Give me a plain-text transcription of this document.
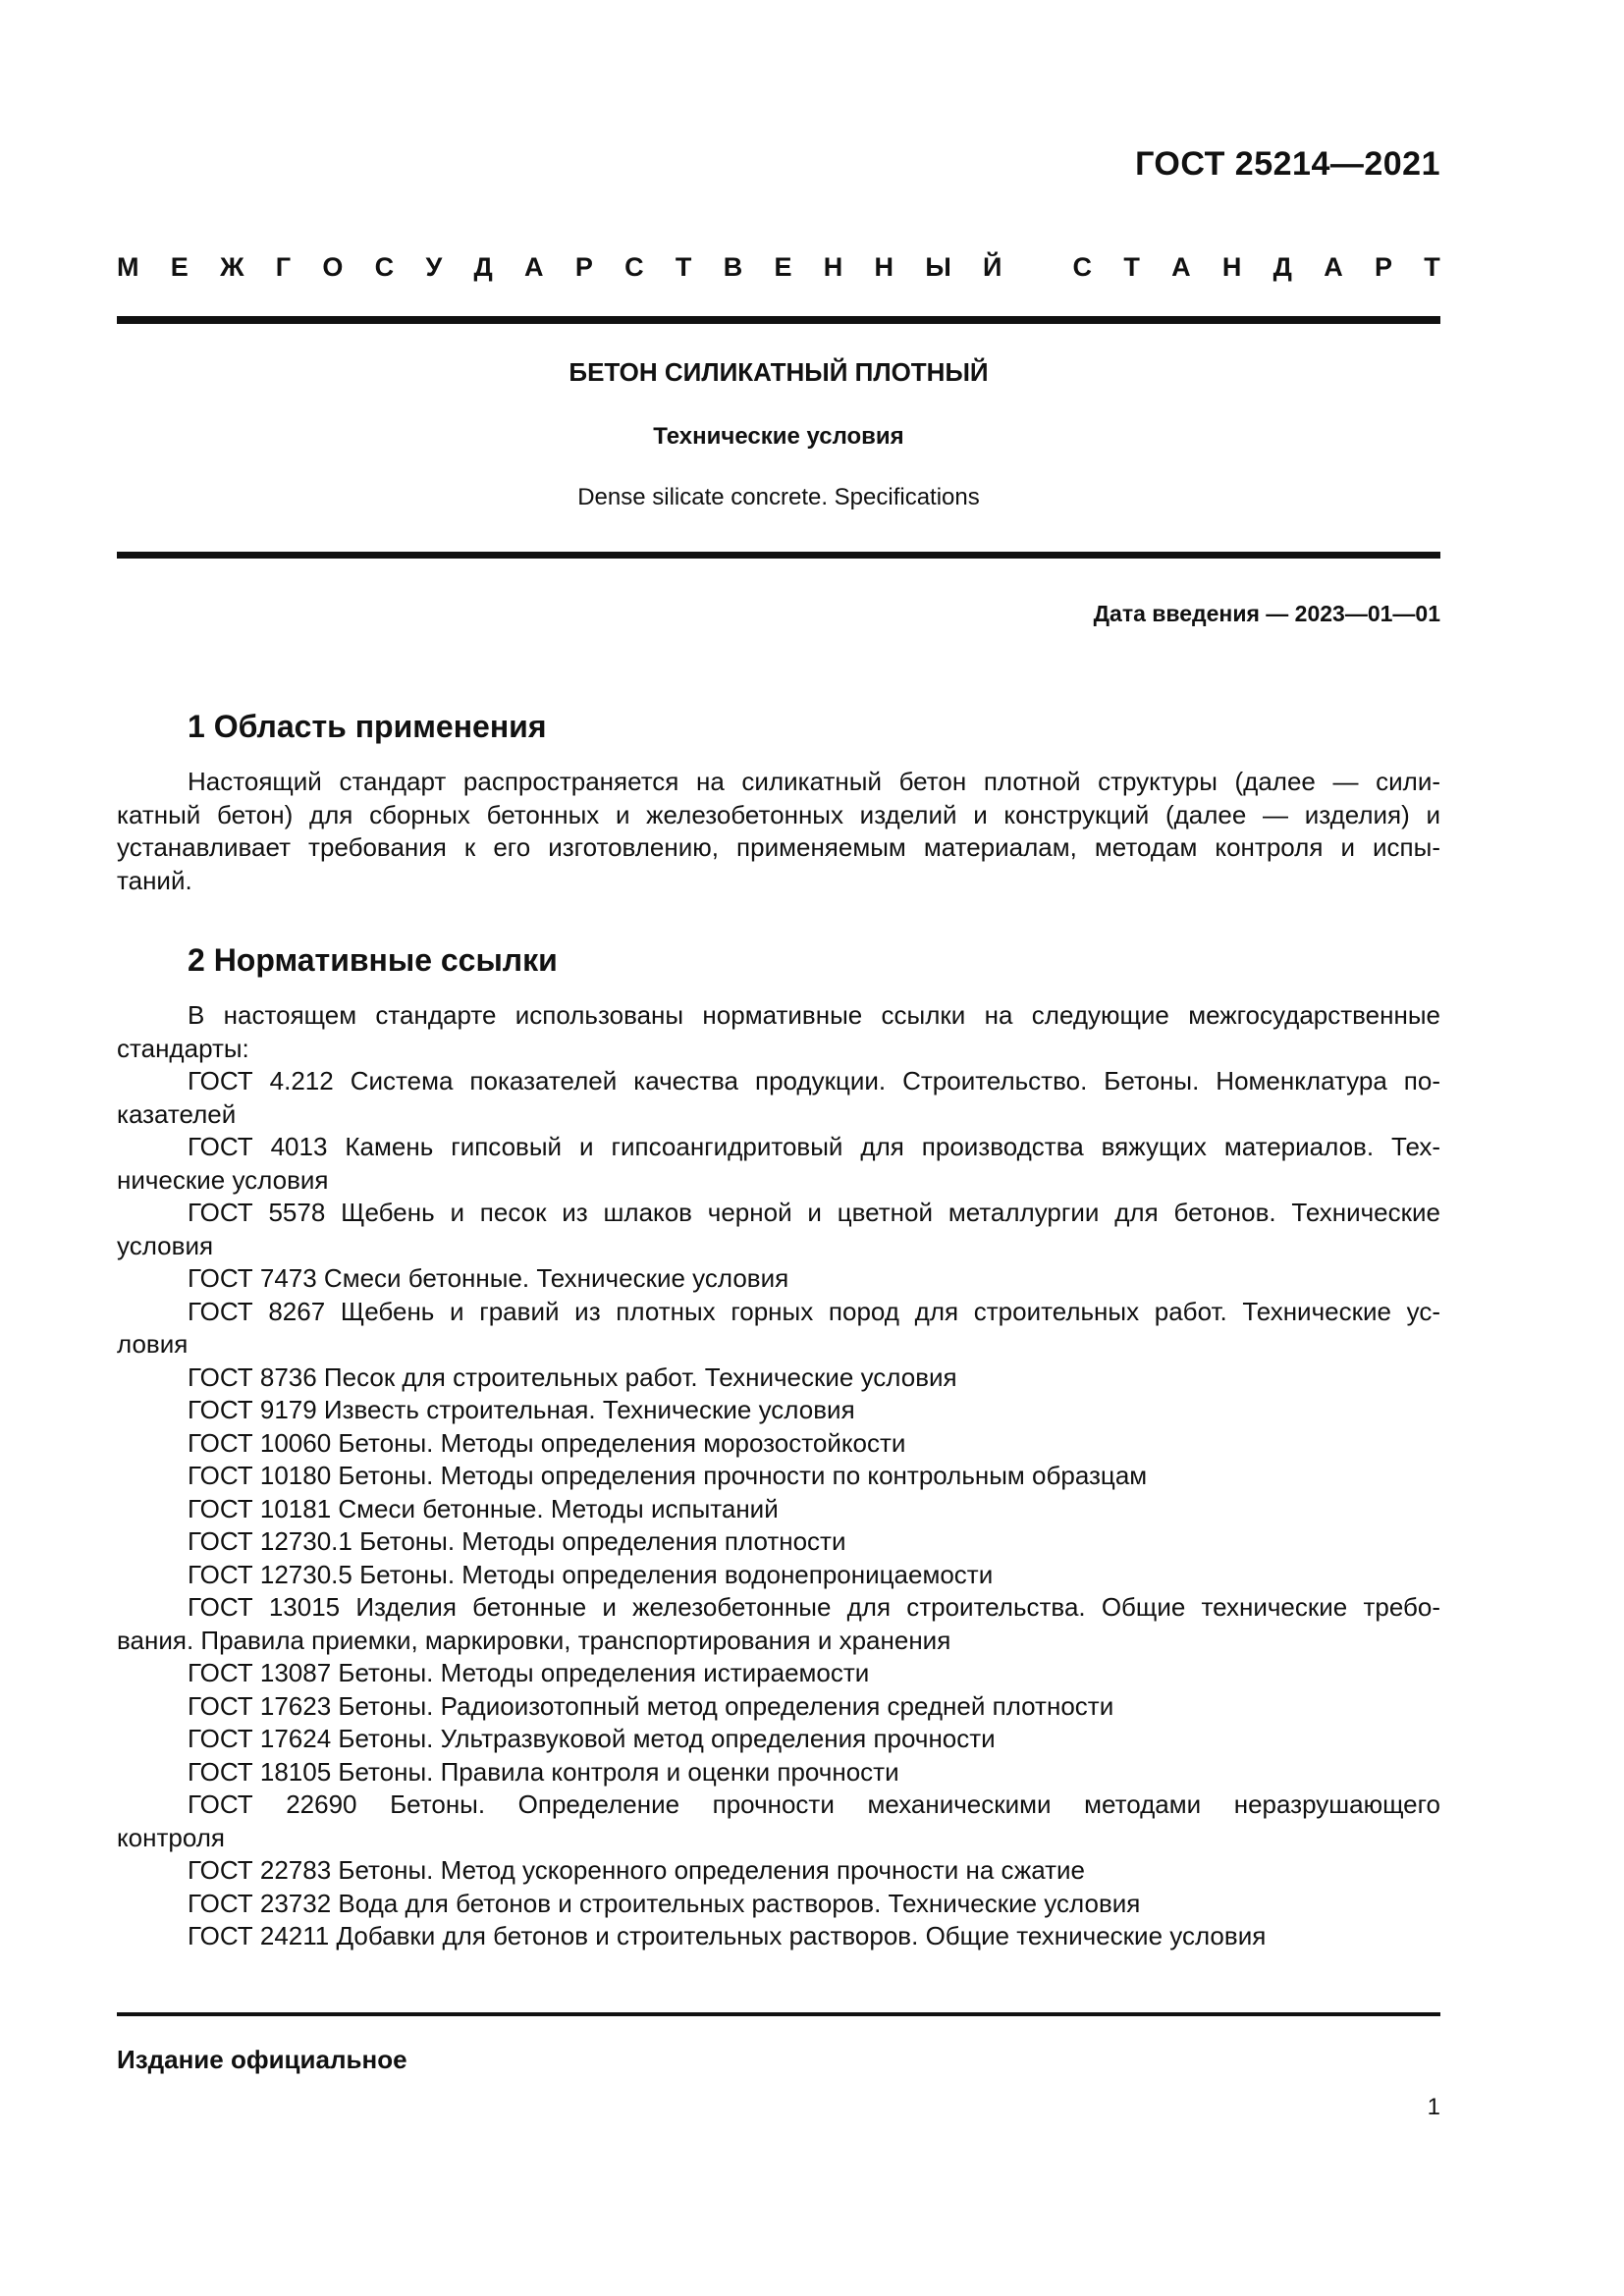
ГОСТ 25214—2021
М Е Ж Г О С У Д А Р С Т В Е Н Н Ы Й
	С Т А Н Д А Р Т
БЕТОН СИЛИКАТНЫЙ ПЛОТНЫЙ
Технические условия
Dense silicate concrete. Specifications
Дата введения — 2023—01—01
1 Область применения
Настоящий стандарт распространяется на силикатный бетон плотной структуры (далее — сили-
катный бетон) для сборных бетонных и железобетонных изделий и конструкций (далее — изделия) и
устанавливает требования к его изготовлению, применяемым материалам, методам контроля и испы-
таний.
2 Нормативные ссылки
В настоящем стандарте использованы нормативные ссылки на следующие межгосударственные
стандарты:
ГОСТ 4.212 Система показателей качества продукции. Строительство. Бетоны. Номенклатура по-
казателей
ГОСТ 4013 Камень гипсовый и гипсоангидритовый для производства вяжущих материалов. Тех-
нические условия
ГОСТ 5578 Щебень и песок из шлаков черной и цветной металлургии для бетонов. Технические
условия
ГОСТ 7473 Смеси бетонные. Технические условия
ГОСТ 8267 Щебень и гравий из плотных горных пород для строительных работ. Технические ус-
ловия
ГОСТ 8736 Песок для строительных работ. Технические условия
ГОСТ 9179 Известь строительная. Технические условия
ГОСТ 10060 Бетоны. Методы определения морозостойкости
ГОСТ 10180 Бетоны. Методы определения прочности по контрольным образцам
ГОСТ 10181 Смеси бетонные. Методы испытаний
ГОСТ 12730.1 Бетоны. Методы определения плотности
ГОСТ 12730.5 Бетоны. Методы определения водонепроницаемости
ГОСТ 13015 Изделия бетонные и железобетонные для строительства. Общие технические требо-
вания. Правила приемки, маркировки, транспортирования и хранения
ГОСТ 13087 Бетоны. Методы определения истираемости
ГОСТ 17623 Бетоны. Радиоизотопный метод определения средней плотности
ГОСТ 17624 Бетоны. Ультразвуковой метод определения прочности
ГОСТ 18105 Бетоны. Правила контроля и оценки прочности
ГОСТ 22690 Бетоны. Определение прочности механическими методами неразрушающего
контроля
ГОСТ 22783 Бетоны. Метод ускоренного определения прочности на сжатие
ГОСТ 23732 Вода для бетонов и строительных растворов. Технические условия
ГОСТ 24211 Добавки для бетонов и строительных растворов. Общие технические условия
Издание официальное
1
